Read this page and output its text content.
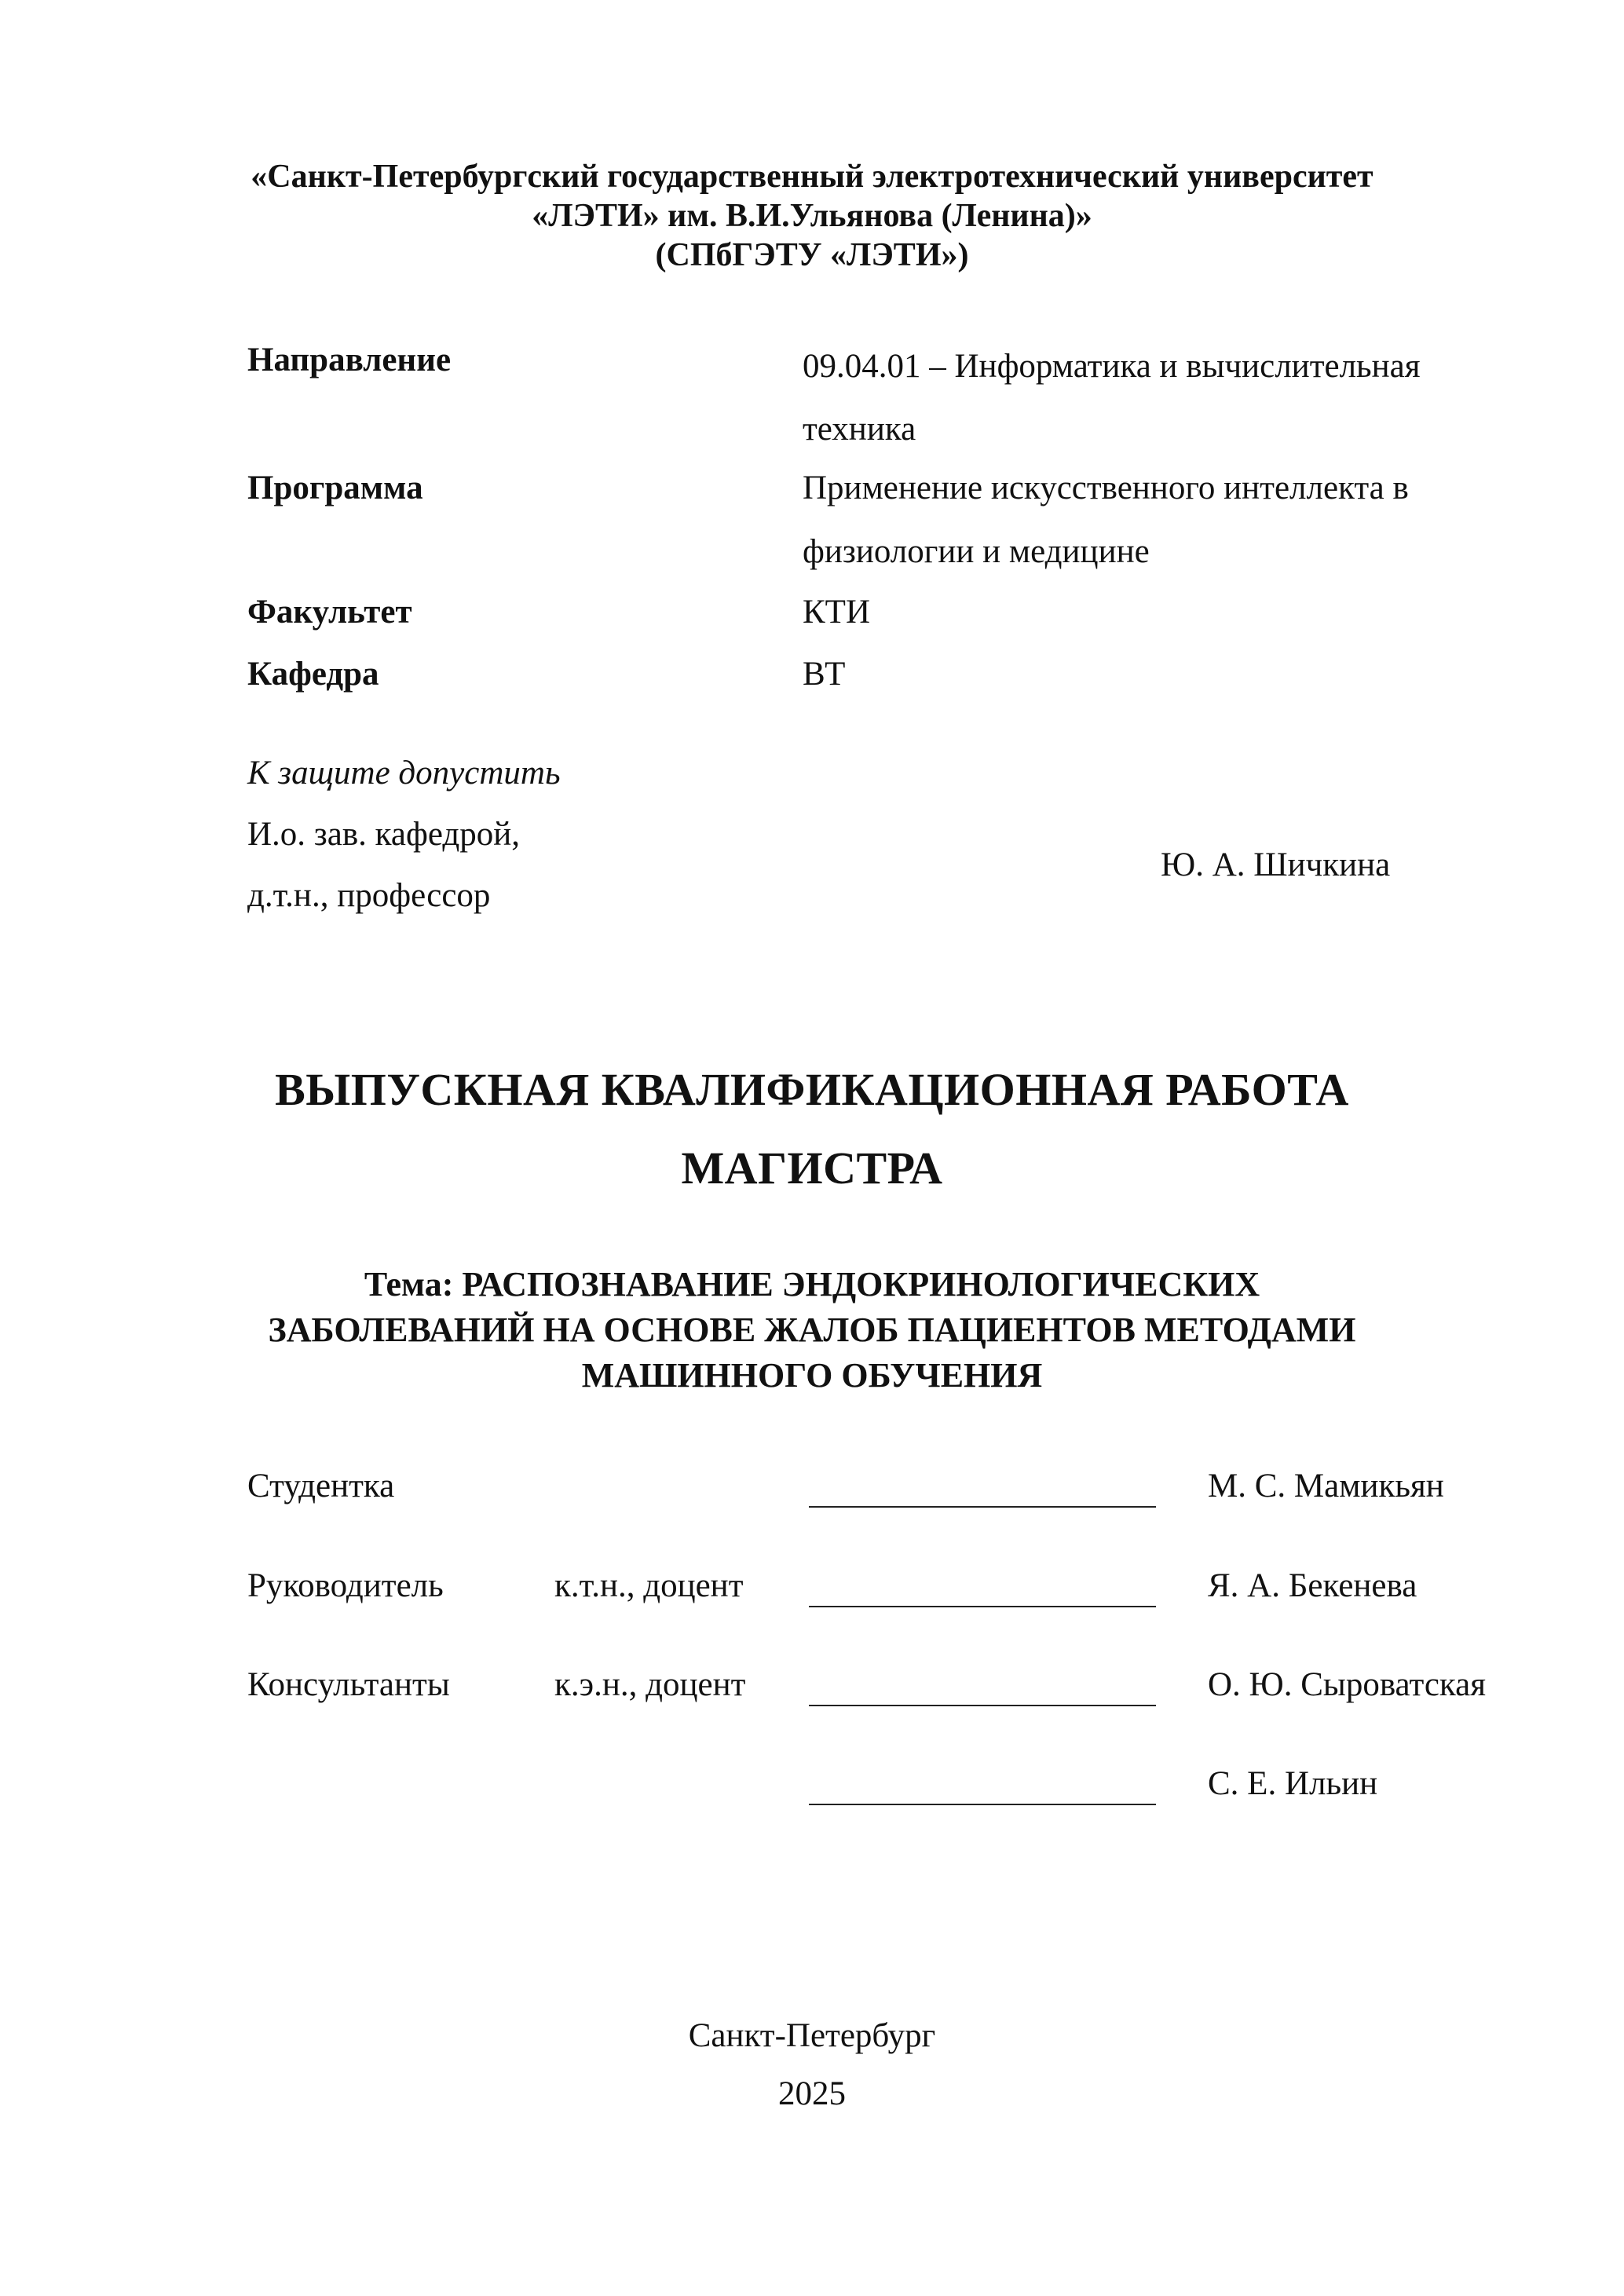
«Санкт-Петербургский государственный электротехнический университет
«ЛЭТИ» им. В.И.Ульянова (Ленина)»
(СПбГЭТУ «ЛЭТИ»)
Направление	09.04.01 – Информатика и вычислительная
техника
Программа	Применение искусственного интеллекта в
физиологии и медицине
Факультет	КТИ
Кафедра	ВТ
К защите допустить
И.о. зав. кафедрой,
д.т.н., профессор
Ю. А. Шичкина
ВЫПУСКНАЯ КВАЛИФИКАЦИОННАЯ РАБОТА
МАГИСТРА
Тема: РАСПОЗНАВАНИЕ ЭНДОКРИНОЛОГИЧЕСКИХ
ЗАБОЛЕВАНИЙ НА ОСНОВЕ ЖАЛОБ ПАЦИЕНТОВ МЕТОДАМИ
МАШИННОГО ОБУЧЕНИЯ
Студентка	М. С. Мамикьян
Руководитель	к.т.н., доцент	Я. А. Бекенева
Консультанты	к.э.н., доцент	О. Ю. Сыроватская
С. Е. Ильин
Санкт-Петербург
2025
